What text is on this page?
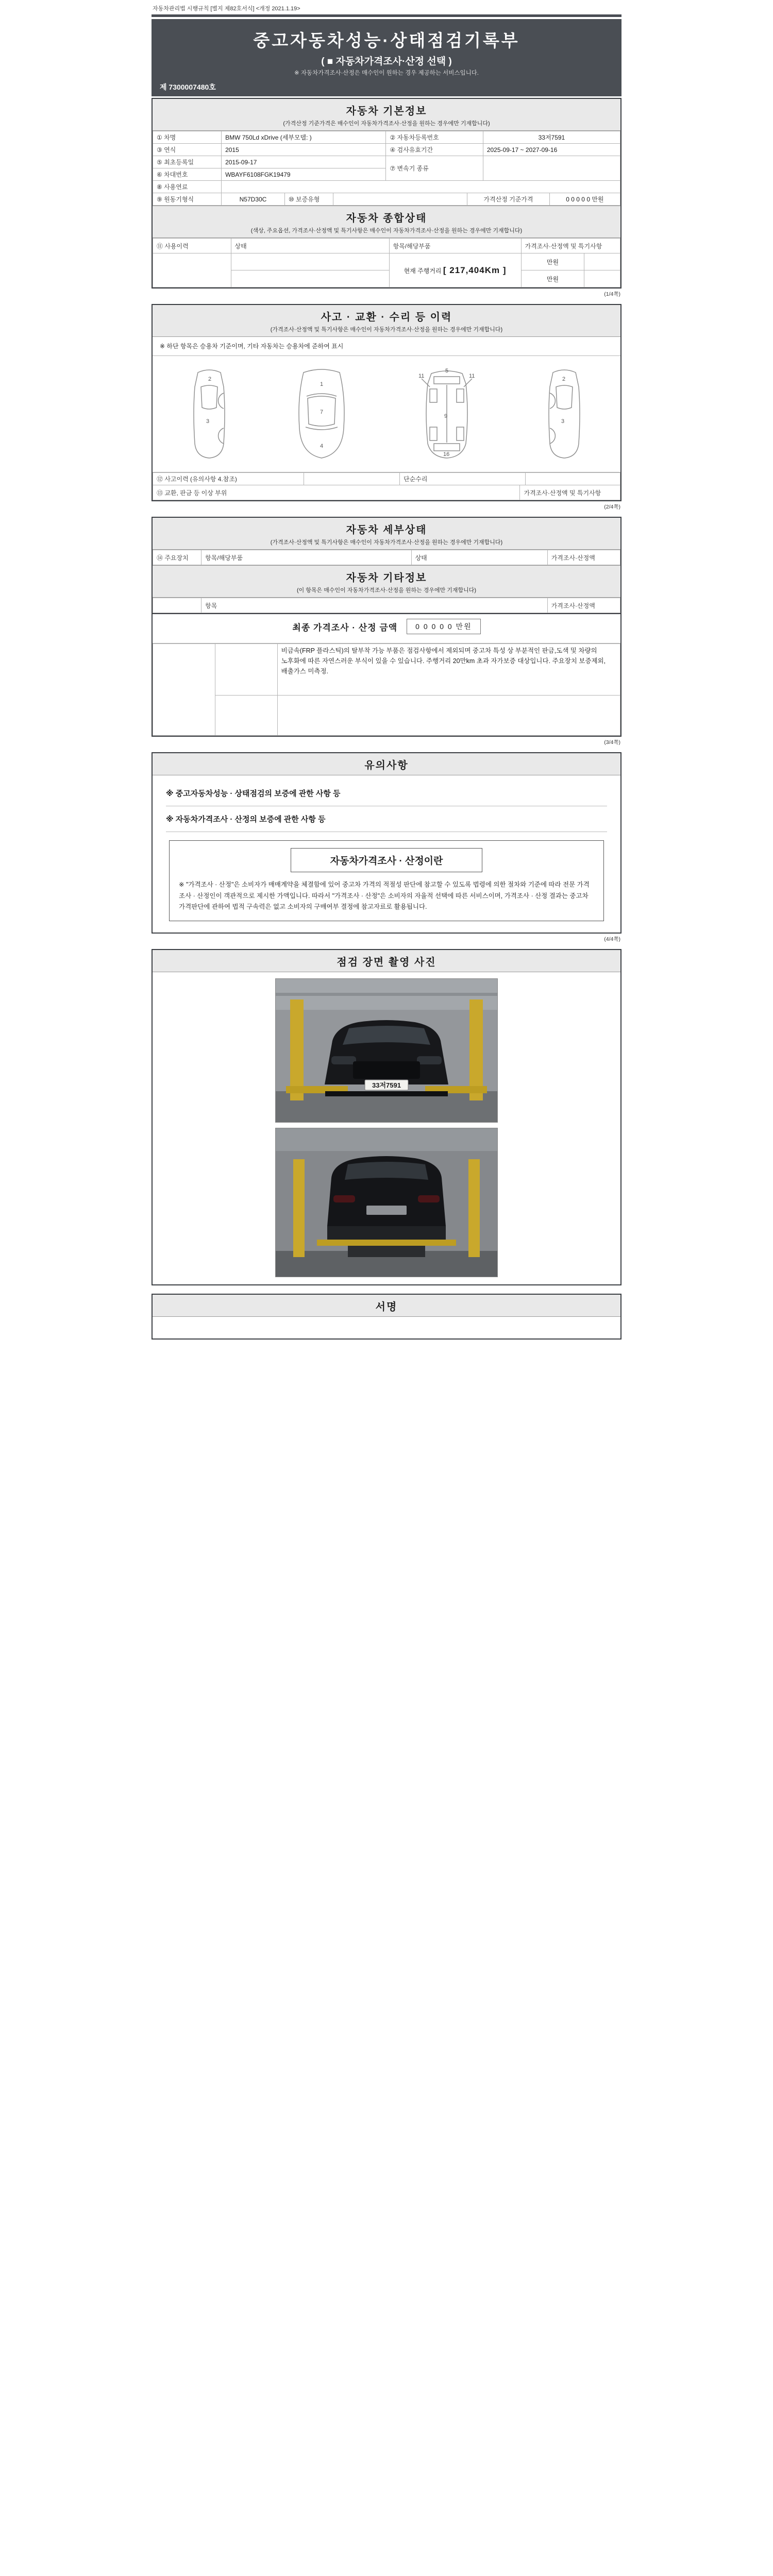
자동차관리법 시행규칙 [별지 제82호서식] <개정 2021.1.19>
중고자동차성능·상태점검기록부
( ■ 자동차가격조사·산정 선택 )
※ 자동차가격조사·산정은 매수인이 원하는 경우 제공하는 서비스입니다.
제 7300007480호
자동차 기본정보
(가격산정 기준가격은 매수인이 자동차가격조사·산정을 원하는 경우에만 기재합니다)
① 차명	BMW 750Ld xDrive (세부모델: )	② 자동차등록번호	33저7591
③ 연식	2015	④ 검사유효기간	2025-09-17 ~ 2027-09-16
⑤ 최초등록일	2015-09-17	⑦ 변속기 종류	

⑥ 차대번호	WBAYF6108FGK19479		
⑧ 사용연료			
⑨ 원동기형식	N57D30C	⑩ 보증유형		가격산정 기준가격	0 0 0 0 0 만원
자동차 종합상태
(색상, 주요옵션, 가격조사·산정액 및 특기사항은 매수인이 자동차가격조사·산정을 원하는 경우에만 기재합니다)
⑪ 사용이력	상태	항목/해당부품	가격조사·산정액 및 특기사항	
		현재 주행거리 [ 217,404Km ]	만원	
			만원	
(1/4쪽)
사고 · 교환 · 수리 등 이력
(가격조사·산정액 및 특기사항은 매수인이 자동차가격조사·산정을 원하는 경우에만 기재합니다)
※ 하단 항목은 승용차 기준이며, 기타 자동차는 승용차에 준하여 표시
2
3
1
7
4
11	11
5
9
16
2
3
⑫ 사고이력 (유의사항 4.참조)		단순수리	
⑬ 교환, 판금 등 이상 부위	가격조사·산정액 및 특기사항
(2/4쪽)
자동차 세부상태
(가격조사·산정액 및 특기사항은 매수인이 자동차가격조사·산정을 원하는 경우에만 기재합니다)
⑭ 주요장치	항목/해당부품	상태	가격조사·산정액
자동차 기타정보
(이 항목은 매수인이 자동차가격조사·산정을 원하는 경우에만 기재합니다)
	항목	가격조사·산정액
최종 가격조사 · 산정 금액	0 0 0 0 0 만원
		비금속(FRP 플라스틱)의 탈부착 가능 부품은 점검사항에서 제외되며 중고차 특성 상 부분적인 판금,도색 및 차량의 노후화에 따른 자연스러운 부식이 있을 수 있습니다. 주행거리 20만km 초과 자가보증 대상입니다. 주요장치 보증제외, 배출가스 미측정.

(3/4쪽)
유의사항
※ 중고자동차성능 · 상태점검의 보증에 관한 사항 등
※ 자동차가격조사 · 산정의 보증에 관한 사항 등
자동차가격조사 · 산정이란
※ "가격조사 · 산정"은 소비자가 매매계약을 체결함에 있어 중고차 가격의 적절성 판단에 참고할 수 있도록 법령에 의한 절차와 기준에 따라 전문 가격조사 · 산정인이 객관적으로 제시한 가액입니다. 따라서 "가격조사 · 산정"은 소비자의 자율적 선택에 따른 서비스이며, 가격조사 · 산정 결과는 중고차 가격판단에 관하여 법적 구속력은 없고 소비자의 구매여부 결정에 참고자료로 활용됩니다.
(4/4쪽)
점검 장면 촬영 사진
33저7591
서명
